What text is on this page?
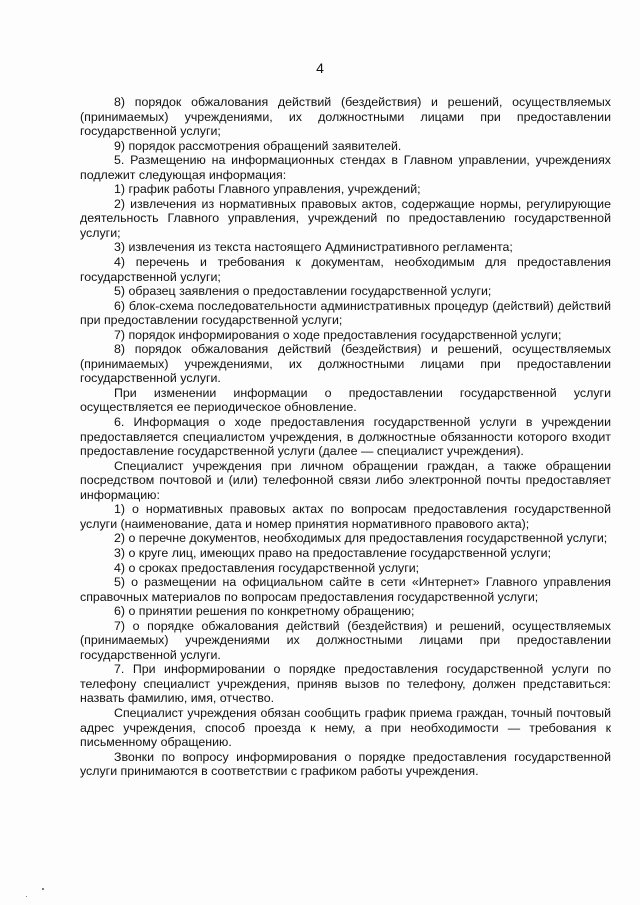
4

8) порядок обжалования действий (бездействия) и решений, осуществляемых (принимаемых) учреждениями, их должностными лицами при предоставлении государственной услуги;

9) порядок рассмотрения обращений заявителей.

5. Размещению на информационных стендах в Главном управлении, учреждениях подлежит следующая информация:

1) график работы Главного управления, учреждений;

2) извлечения из нормативных правовых актов, содержащие нормы, регулирующие деятельность Главного управления, учреждений по предоставлению государственной услуги;

3) извлечения из текста настоящего Административного регламента;

4) перечень и требования к документам, необходимым для предоставления государственной услуги;

5) образец заявления о предоставлении государственной услуги;

6) блок-схема последовательности административных процедур (действий) действий при предоставлении государственной услуги;

7) порядок информирования о ходе предоставления государственной услуги;

8) порядок обжалования действий (бездействия) и решений, осуществляемых (принимаемых) учреждениями, их должностными лицами при предоставлении государственной услуги.

При изменении информации о предоставлении государственной услуги осуществляется ее периодическое обновление.

6. Информация о ходе предоставления государственной услуги в учреждении предоставляется специалистом учреждения, в должностные обязанности которого входит предоставление государственной услуги (далее — специалист учреждения).

Специалист учреждения при личном обращении граждан, а также обращении посредством почтовой и (или) телефонной связи либо электронной почты предоставляет информацию:

1) о нормативных правовых актах по вопросам предоставления государственной услуги (наименование, дата и номер принятия нормативного правового акта);

2) о перечне документов, необходимых для предоставления государственной услуги;

3) о круге лиц, имеющих право на предоставление государственной услуги;

4) о сроках предоставления государственной услуги;

5) о размещении на официальном сайте в сети «Интернет» Главного управления справочных материалов по вопросам предоставления государственной услуги;

6) о принятии решения по конкретному обращению;

7) о порядке обжалования действий (бездействия) и решений, осуществляемых (принимаемых) учреждениями их должностными лицами при предоставлении государственной услуги.

7. При информировании о порядке предоставления государственной услуги по телефону специалист учреждения, приняв вызов по телефону, должен представиться: назвать фамилию, имя, отчество.

Специалист учреждения обязан сообщить график приема граждан, точный почтовый адрес учреждения, способ проезда к нему, а при необходимости — требования к письменному обращению.

Звонки по вопросу информирования о порядке предоставления государственной услуги принимаются в соответствии с графиком работы учреждения.
